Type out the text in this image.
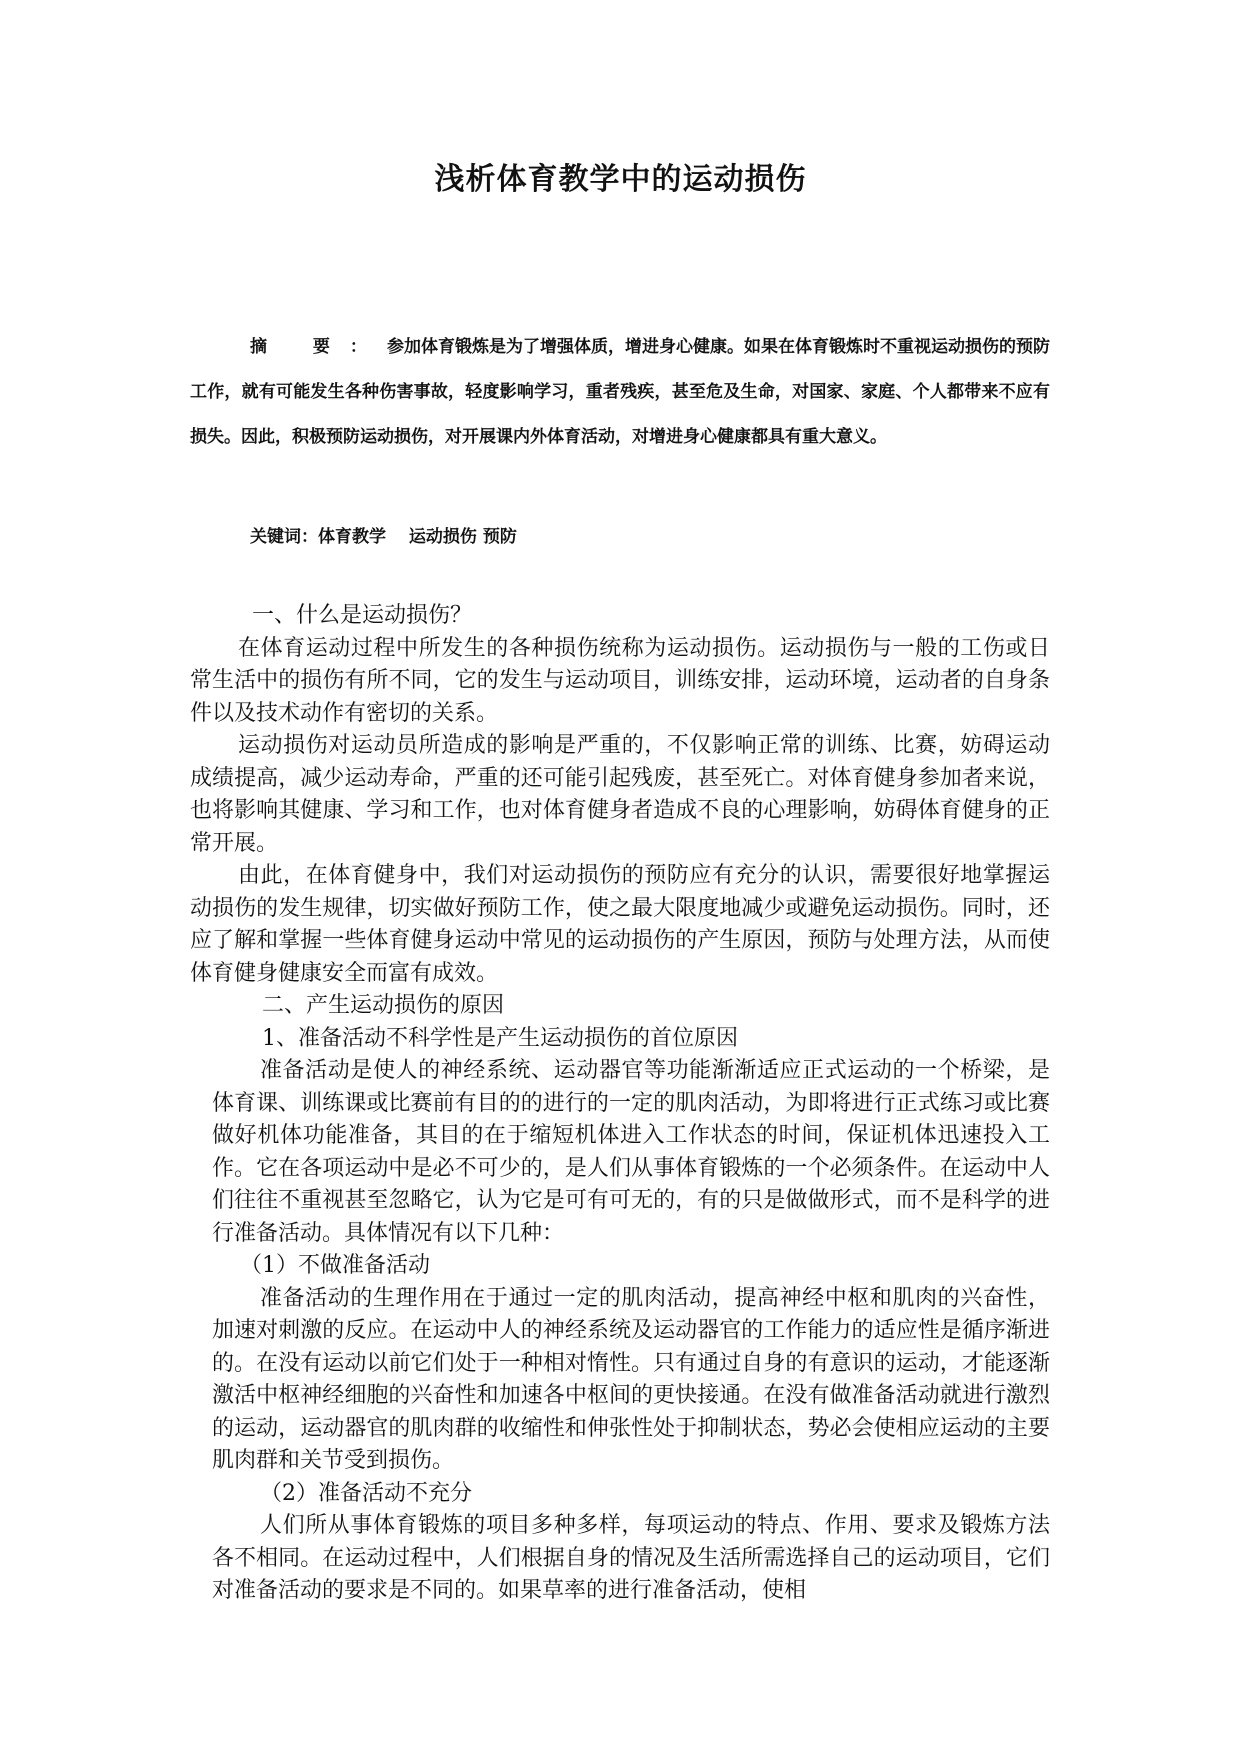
浅析体育教学中的运动损伤
摘 要：参加体育锻炼是为了增强体质，增进身心健康。如果在体育锻炼时不重视运动损伤的预防工作，就有可能发生各种伤害事故，轻度影响学习，重者残疾，甚至危及生命，对国家、家庭、个人都带来不应有损失。因此，积极预防运动损伤，对开展课内外体育活动，对增进身心健康都具有重大意义。
关键词：体育教学　 运动损伤 预防

一、什么是运动损伤？

在体育运动过程中所发生的各种损伤统称为运动损伤。运动损伤与一般的工伤或日常生活中的损伤有所不同，它的发生与运动项目，训练安排，运动环境，运动者的自身条件以及技术动作有密切的关系。

运动损伤对运动员所造成的影响是严重的，不仅影响正常的训练、比赛，妨碍运动成绩提高，减少运动寿命，严重的还可能引起残废，甚至死亡。对体育健身参加者来说，也将影响其健康、学习和工作，也对体育健身者造成不良的心理影响，妨碍体育健身的正常开展。

由此，在体育健身中，我们对运动损伤的预防应有充分的认识，需要很好地掌握运动损伤的发生规律，切实做好预防工作，使之最大限度地减少或避免运动损伤。同时，还应了解和掌握一些体育健身运动中常见的运动损伤的产生原因，预防与处理方法，从而使体育健身健康安全而富有成效。

二、产生运动损伤的原因

1、准备活动不科学性是产生运动损伤的首位原因

准备活动是使人的神经系统、运动器官等功能渐渐适应正式运动的一个桥梁，是体育课、训练课或比赛前有目的的进行的一定的肌肉活动，为即将进行正式练习或比赛做好机体功能准备，其目的在于缩短机体进入工作状态的时间，保证机体迅速投入工作。它在各项运动中是必不可少的，是人们从事体育锻炼的一个必须条件。在运动中人们往往不重视甚至忽略它，认为它是可有可无的，有的只是做做形式，而不是科学的进行准备活动。具体情况有以下几种：

（1）不做准备活动

准备活动的生理作用在于通过一定的肌肉活动，提高神经中枢和肌肉的兴奋性，加速对刺激的反应。在运动中人的神经系统及运动器官的工作能力的适应性是循序渐进的。在没有运动以前它们处于一种相对惰性。只有通过自身的有意识的运动，才能逐渐激活中枢神经细胞的兴奋性和加速各中枢间的更快接通。在没有做准备活动就进行激烈的运动，运动器官的肌肉群的收缩性和伸张性处于抑制状态，势必会使相应运动的主要肌肉群和关节受到损伤。

（2）准备活动不充分

人们所从事体育锻炼的项目多种多样，每项运动的特点、作用、要求及锻炼方法各不相同。在运动过程中，人们根据自身的情况及生活所需选择自己的运动项目，它们对准备活动的要求是不同的。如果草率的进行准备活动，使相
